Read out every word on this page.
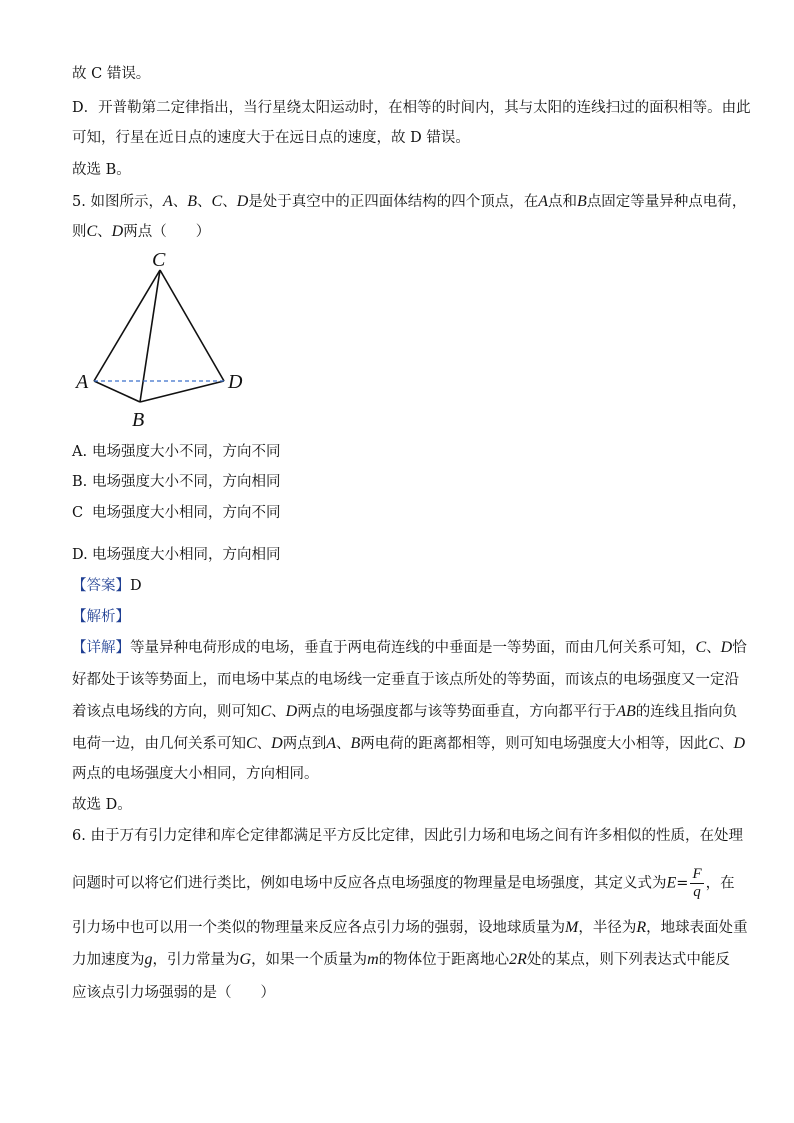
故 C 错误。
D．开普勒第二定律指出，当行星绕太阳运动时，在相等的时间内，其与太阳的连线扫过的面积相等。由此
可知，行星在近日点的速度大于在远日点的速度，故 D 错误。
故选 B。
5. 如图所示，A、B、C、D是处于真空中的正四面体结构的四个顶点，在A点和B点固定等量异种点电荷，
则C、D两点（　　）
C
A	D
B
A. 电场强度大小不同，方向不同
B. 电场强度大小不同，方向相同
C 电场强度大小相同，方向不同
D. 电场强度大小相同，方向相同
【答案】D
【解析】
【详解】等量异种电荷形成的电场，垂直于两电荷连线的中垂面是一等势面，而由几何关系可知，C、D恰
好都处于该等势面上，而电场中某点的电场线一定垂直于该点所处的等势面，而该点的电场强度又一定沿
着该点电场线的方向，则可知C、D两点的电场强度都与该等势面垂直，方向都平行于AB的连线且指向负
电荷一边，由几何关系可知C、D两点到A、B两电荷的距离都相等，则可知电场强度大小相等，因此C、D
两点的电场强度大小相同，方向相同。
故选 D。
6. 由于万有引力定律和库仑定律都满足平方反比定律，因此引力场和电场之间有许多相似的性质，在处理
问题时可以将它们进行类比，例如电场中反应各点电场强度的物理量是电场强度，其定义式为$E= \frac{F}{q}$ ，在
引力场中也可以用一个类似的物理量来反应各点引力场的强弱，设地球质量为M，半径为R，地球表面处重
力加速度为g，引力常量为G，如果一个质量为m的物体位于距离地心2R处的某点，则下列表达式中能反
应该点引力场强弱的是（　　）
